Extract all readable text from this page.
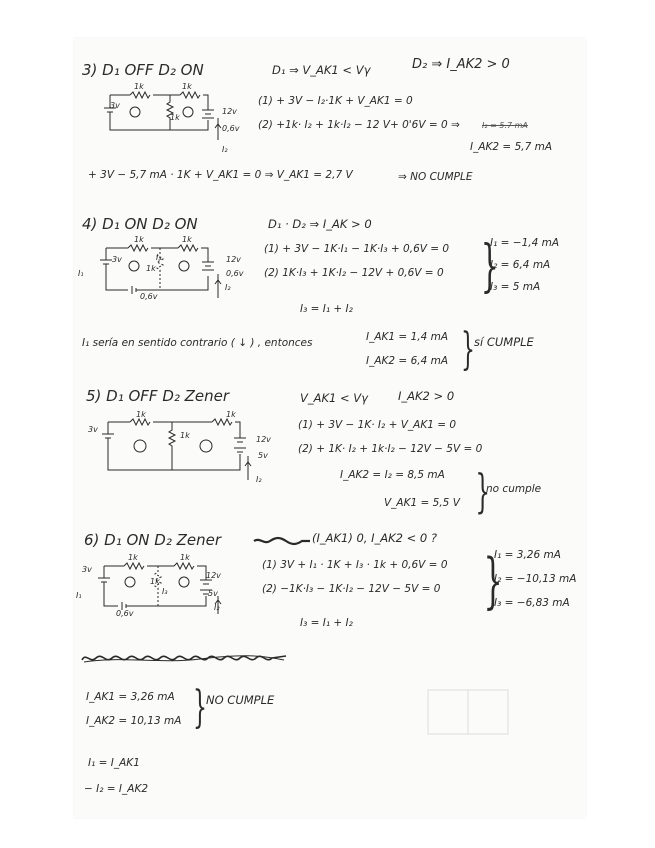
3) D₁ OFF D₂ ON	D₁ ⇒ V_AK1 < Vγ	D₂ ⇒ I_AK2 > 0
1k	1k
1k
3v
12v
0,6v
I₂
(1) + 3V − I₂·1K + V_AK1 = 0
(2) +1k· I₂ + 1k·I₂ − 12 V+ 0'6V = 0 ⇒	I₂ = 5.7 mA
I_AK2 = 5,7 mA
+ 3V − 5,7 mA · 1K + V_AK1 = 0 ⇒ V_AK1 = 2,7 V	⇒ NO CUMPLE
4) D₁ ON D₂ ON	D₁ · D₂ ⇒ I_AK > 0
1k	1k
1k
3v	12v
0,6v
0,6v
I₁
I₂
I₃
(1) + 3V − 1K·I₁ − 1K·I₃ + 0,6V = 0
(2) 1K·I₃ + 1K·I₂ − 12V + 0,6V = 0
I₃ = I₁ + I₂
}
I₁ = −1,4 mA
I₂ = 6,4 mA
I₃ = 5 mA
I₁ sería en sentido contrario ( ↓ ) , entonces	I_AK1 = 1,4 mA
I_AK2 = 6,4 mA } sí CUMPLE
5) D₁ OFF D₂ Zener	V_AK1 < Vγ	I_AK2 > 0
1k	1k
1k
3v
12v
5v
I₂
(1) + 3V − 1K· I₂ + V_AK1 = 0
(2) + 1K· I₂ + 1k·I₂ − 12V − 5V = 0
I_AK2 = I₂ = 8,5 mA
V_AK1 = 5,5 V }
no cumple
6) D₁ ON D₂ Zener	(I_AK1) 0, I_AK2 < 0 ?
1k	1k
1k
3v
12v
5v
0,6v
I₁
I₂
I₃
(1) 3V + I₁ · 1K + I₃ · 1k + 0,6V = 0
(2) −1K·I₃ − 1K·I₂ − 12V − 5V = 0
I₃ = I₁ + I₂
}
I₁ = 3,26 mA
I₂ = −10,13 mA
I₃ = −6,83 mA
I_AK1 = 3,26 mA
I_AK2 = 10,13 mA } NO CUMPLE
I₁ = I_AK1
− I₂ = I_AK2
